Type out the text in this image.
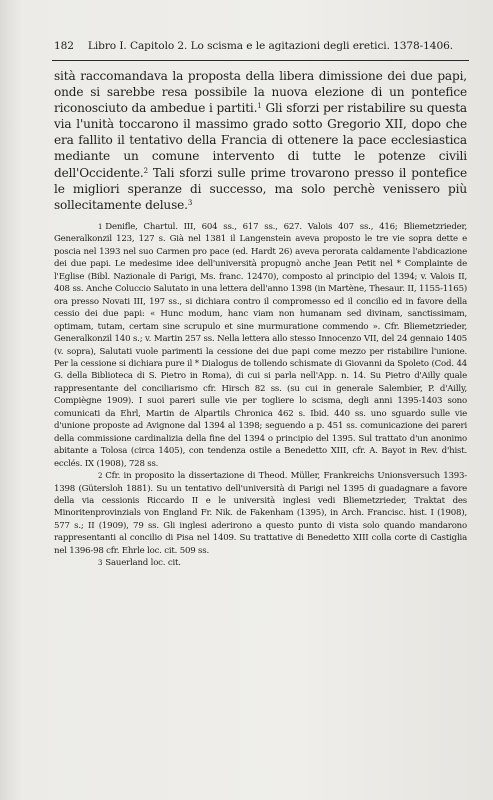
182 Libro I. Capitolo 2. Lo scisma e le agitazioni degli eretici. 1378-1406.

sità raccomandava la proposta della libera dimissione dei due papi, onde si sarebbe resa possibile la nuova elezione di un pontefice riconosciuto da ambedue i partiti.$^1$ Gli sforzi per ristabilire su questa via l'unità toccarono il massimo grado sotto Gregorio XII, dopo che era fallito il tentativo della Francia di ottenere la pace ecclesiastica mediante un comune intervento di tutte le potenze civili dell'Occidente.$^2$ Tali sforzi sulle prime trovarono presso il pontefice le migliori speranze di successo, ma solo perchè venissero più sollecitamente deluse.$^3$

1 Denifle, Chartul. III, 604 ss., 617 ss., 627. Valois 407 ss., 416; Bliemetzrieder, Generalkonzil 123, 127 s. Già nel 1381 il Langenstein aveva proposto le tre vie sopra dette e poscia nel 1393 nel suo Carmen pro pace (ed. Hardt 26) aveva perorata caldamente l'abdicazione dei due papi. Le medesime idee dell'università propugnò anche Jean Petit nel * Complainte de l'Eglise (Bibl. Nazionale di Parigi, Ms. franc. 12470), composto al principio del 1394; v. Valois II, 408 ss. Anche Coluccio Salutato in una lettera dell'anno 1398 (in Martène, Thesaur. II, 1155-1165) ora presso Novati III, 197 ss., si dichiara contro il compromesso ed il concilio ed in favore della cessio dei due papi: « Hunc modum, hanc viam non humanam sed divinam, sanctissimam, optimam, tutam, certam sine scrupulo et sine murmuratione commendo ». Cfr. Bliemetzrieder, Generalkonzil 140 s.; v. Martin 257 ss. Nella lettera allo stesso Innocenzo VII, del 24 gennaio 1405 (v. sopra), Salutati vuole parimenti la cessione dei due papi come mezzo per ristabilire l'unione. Per la cessione si dichiara pure il * Dialogus de tollendo schismate di Giovanni da Spoleto (Cod. 44 G. della Biblioteca di S. Pietro in Roma), di cui si parla nell'App. n. 14. Su Pietro d'Ailly quale rappresentante del conciliarismo cfr. Hirsch 82 ss. (su cui in generale Salembier, P. d'Ailly, Compiègne 1909). I suoi pareri sulle vie per togliere lo scisma, degli anni 1395-1403 sono comunicati da Ehrl, Martin de Alpartils Chronica 462 s. Ibid. 440 ss. uno sguardo sulle vie d'unione proposte ad Avignone dal 1394 al 1398; seguendo a p. 451 ss. comunicazione dei pareri della commissione cardinalizia della fine del 1394 o principio del 1395. Sul trattato d'un anonimo abitante a Tolosa (circa 1405), con tendenza ostile a Benedetto XIII, cfr. A. Bayot in Rev. d'hist. ecclés. IX (1908), 728 ss.

2 Cfr. in proposito la dissertazione di Theod. Müller, Frankreichs Unionsversuch 1393-1398 (Gütersloh 1881). Su un tentativo dell'università di Parigi nel 1395 di guadagnare a favore della via cessionis Riccardo II e le università inglesi vedi Bliemetzrieder, Traktat des Minoritenprovinzials von England Fr. Nik. de Fakenham (1395), in Arch. Francisc. hist. I (1908), 577 s.; II (1909), 79 ss. Gli inglesi aderirono a questo punto di vista solo quando mandarono rappresentanti al concilio di Pisa nel 1409. Su trattative di Benedetto XIII colla corte di Castiglia nel 1396-98 cfr. Ehrle loc. cit. 509 ss.

3 Sauerland loc. cit.
